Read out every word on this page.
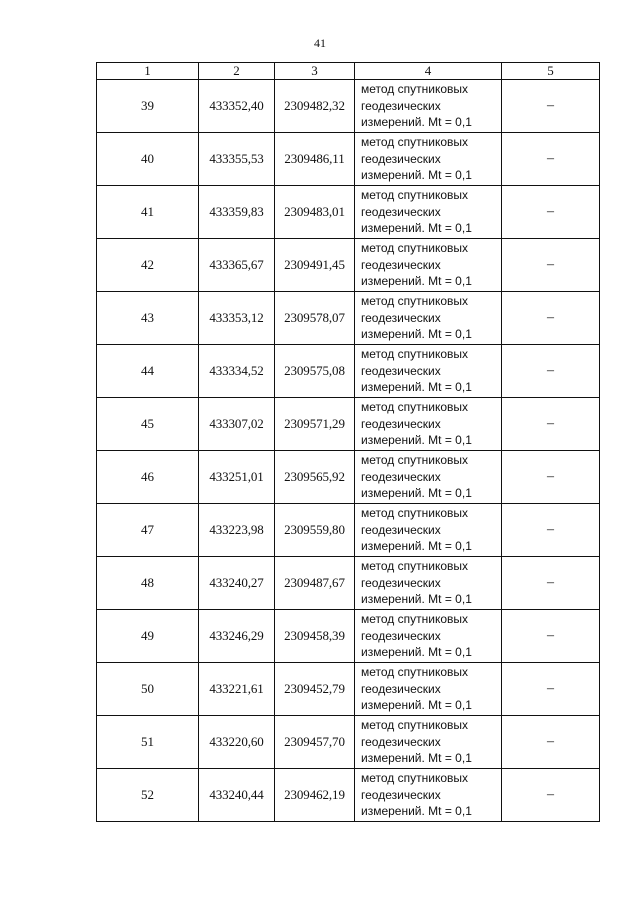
41
1	2	3	4	5
39	433352,40	2309482,32	метод спутниковых
геодезических
измерений. Mt = 0,1	–
40	433355,53	2309486,11	метод спутниковых
геодезических
измерений. Mt = 0,1	–
41	433359,83	2309483,01	метод спутниковых
геодезических
измерений. Mt = 0,1	–
42	433365,67	2309491,45	метод спутниковых
геодезических
измерений. Mt = 0,1	–
43	433353,12	2309578,07	метод спутниковых
геодезических
измерений. Mt = 0,1	–
44	433334,52	2309575,08	метод спутниковых
геодезических
измерений. Mt = 0,1	–
45	433307,02	2309571,29	метод спутниковых
геодезических
измерений. Mt = 0,1	–
46	433251,01	2309565,92	метод спутниковых
геодезических
измерений. Mt = 0,1	–
47	433223,98	2309559,80	метод спутниковых
геодезических
измерений. Mt = 0,1	–
48	433240,27	2309487,67	метод спутниковых
геодезических
измерений. Mt = 0,1	–
49	433246,29	2309458,39	метод спутниковых
геодезических
измерений. Mt = 0,1	–
50	433221,61	2309452,79	метод спутниковых
геодезических
измерений. Mt = 0,1	–
51	433220,60	2309457,70	метод спутниковых
геодезических
измерений. Mt = 0,1	–
52	433240,44	2309462,19	метод спутниковых
геодезических
измерений. Mt = 0,1	–
